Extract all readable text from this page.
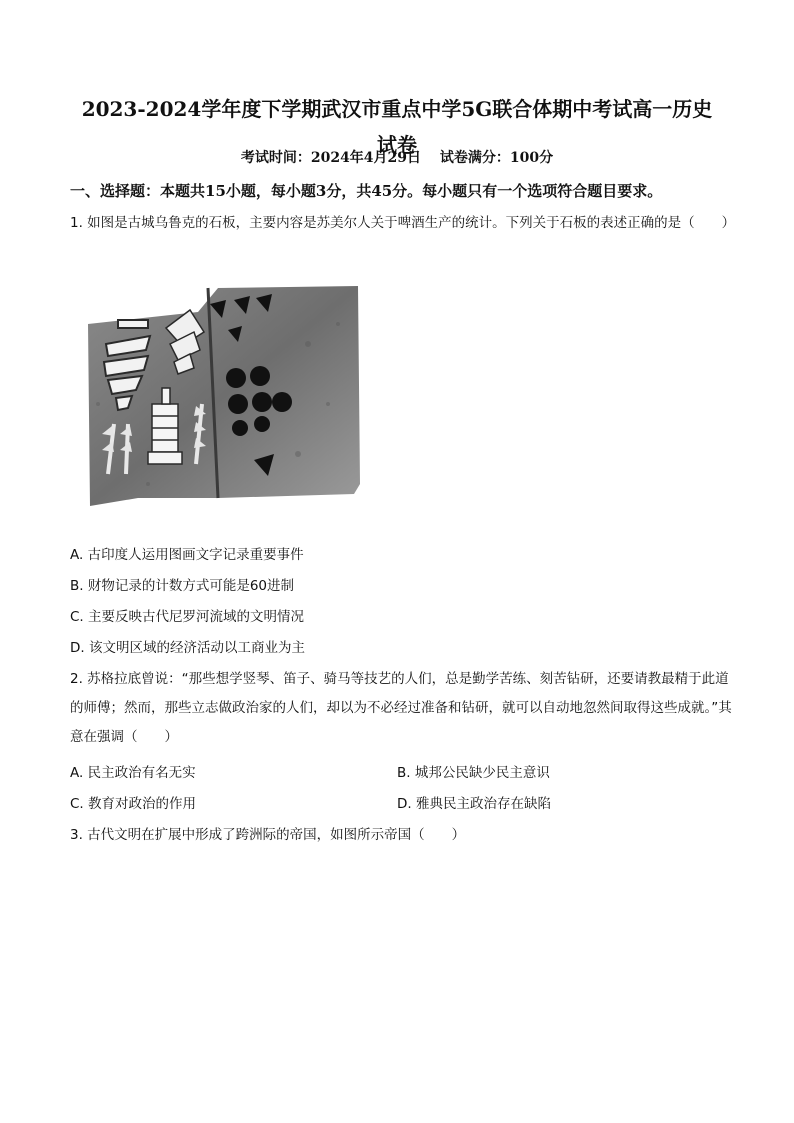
2023-2024学年度下学期武汉市重点中学5G联合体期中考试高一历史
试卷
考试时间：2024年4月29日 试卷满分：100分
一、选择题：本题共15小题，每小题3分，共45分。每小题只有一个选项符合题目要求。
1. 如图是古城乌鲁克的石板，主要内容是苏美尔人关于啤酒生产的统计。下列关于石板的表述正确的是（　　）
A. 古印度人运用图画文字记录重要事件
B. 财物记录的计数方式可能是60进制
C. 主要反映古代尼罗河流域的文明情况
D. 该文明区域的经济活动以工商业为主
2. 苏格拉底曾说：“那些想学竖琴、笛子、骑马等技艺的人们，总是勤学苦练、刻苦钻研，还要请教最精于此道的师傅；然而，那些立志做政治家的人们，却以为不必经过准备和钻研，就可以自动地忽然间取得这些成就。”其意在强调（　　）
A. 民主政治有名无实	B. 城邦公民缺少民主意识
C. 教育对政治的作用	D. 雅典民主政治存在缺陷
3. 古代文明在扩展中形成了跨洲际的帝国，如图所示帝国（　　）
